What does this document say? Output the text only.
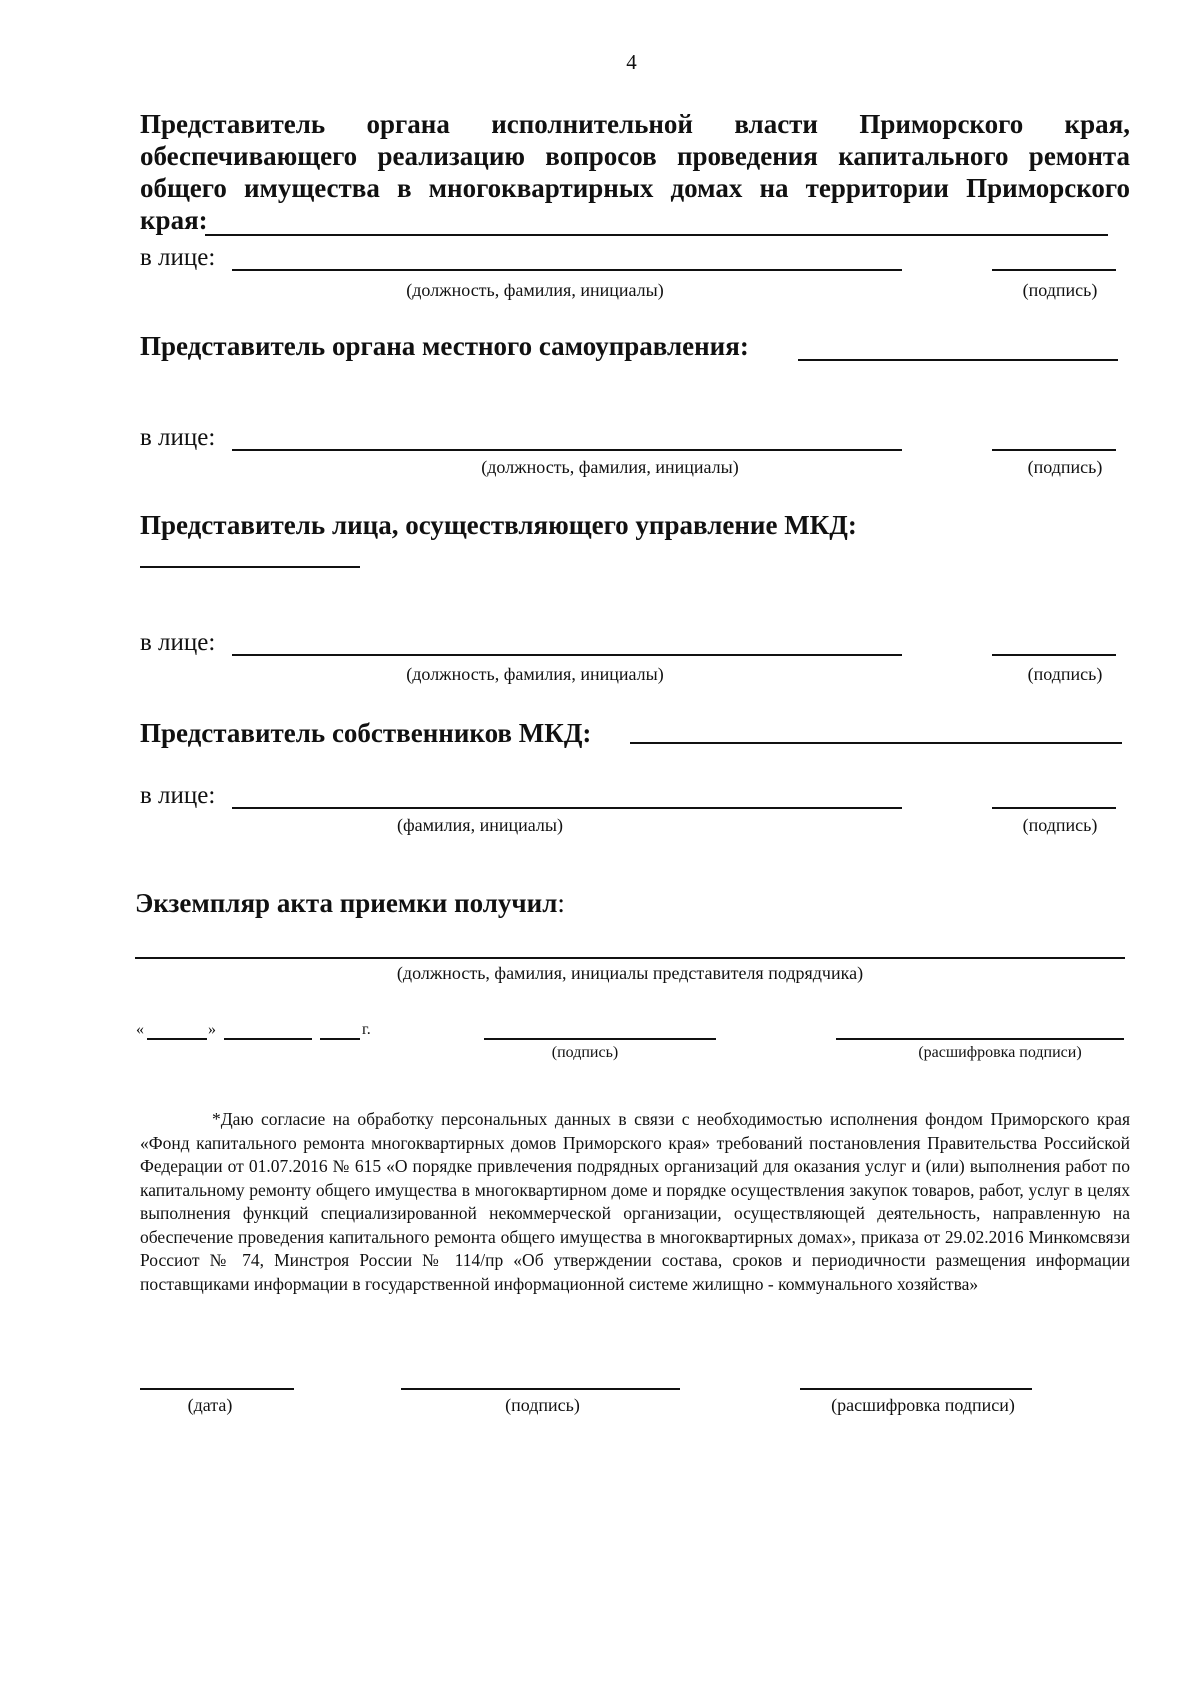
4
Представитель органа исполнительной власти Приморского края, обеспечивающего реализацию вопросов проведения капитального ремонта общего имущества в многоквартирных домах на территории Приморского края:
в лице:
(должность, фамилия, инициалы)	(подпись)
Представитель органа местного самоуправления:
в лице:
(должность, фамилия, инициалы)	(подпись)
Представитель лица, осуществляющего управление МКД:
в лице:
(должность, фамилия, инициалы)	(подпись)
Представитель собственников МКД:
в лице:
(фамилия, инициалы)	(подпись)
Экземпляр акта приемки получил:
(должность, фамилия, инициалы представителя подрядчика)
«	»	г.
(подпись)	(расшифровка подписи)
*Даю согласие на обработку персональных данных в связи с необходимостью исполнения фондом Приморского края «Фонд капитального ремонта многоквартирных домов Приморского края» требований постановления Правительства Российской Федерации от 01.07.2016 № 615 «О порядке привлечения подрядных организаций для оказания услуг и (или) выполнения работ по капитальному ремонту общего имущества в многоквартирном доме и порядке осуществления закупок товаров, работ, услуг в целях выполнения функций специализированной некоммерческой организации, осуществляющей деятельность, направленную на обеспечение проведения капитального ремонта общего имущества в многоквартирных домах», приказа от 29.02.2016 Минкомсвязи Россиот № 74, Минстроя России № 114/пр «Об утверждении состава, сроков и периодичности размещения информации поставщиками информации в государственной информационной системе жилищно - коммунального хозяйства»
(дата)	(подпись)	(расшифровка подписи)
